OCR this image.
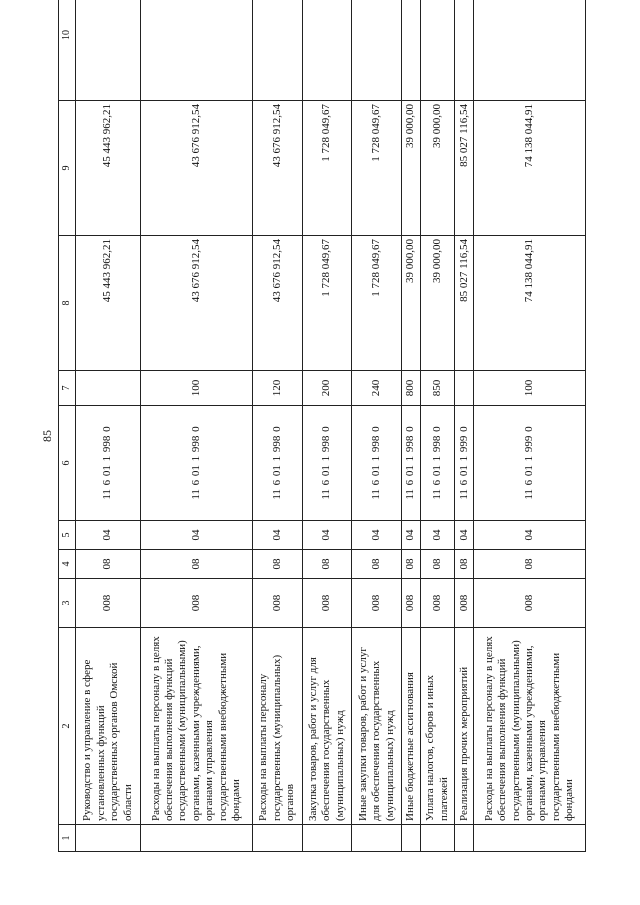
85
1	2	3	4	5	6	7	8	9	10
	Руководство и управление в сфере установленных функций государственных органов Омской области	008	08	04	11 6 01 1 998 0		45 443 962,21	45 443 962,21	
	Расходы на выплаты персоналу в целях обеспечения выполнения функций государственными (муниципальными) органами, казенными учреждениями, органами управления государственными внебюджетными фондами	008	08	04	11 6 01 1 998 0	100	43 676 912,54	43 676 912,54	
	Расходы на выплаты персоналу государственных (муниципальных) органов	008	08	04	11 6 01 1 998 0	120	43 676 912,54	43 676 912,54	
	Закупка товаров, работ и услуг для обеспечения государственных (муниципальных) нужд	008	08	04	11 6 01 1 998 0	200	1 728 049,67	1 728 049,67	
	Иные закупки товаров, работ и услуг для обеспечения государственных (муниципальных) нужд	008	08	04	11 6 01 1 998 0	240	1 728 049,67	1 728 049,67	
	Иные бюджетные ассигнования	008	08	04	11 6 01 1 998 0	800	39 000,00	39 000,00	
	Уплата налогов, сборов и иных платежей	008	08	04	11 6 01 1 998 0	850	39 000,00	39 000,00	
	Реализация прочих мероприятий	008	08	04	11 6 01 1 999 0		85 027 116,54	85 027 116,54	
	Расходы на выплаты персоналу в целях обеспечения выполнения функций государственными (муниципальными) органами, казенными учреждениями, органами управления государственными внебюджетными фондами	008	08	04	11 6 01 1 999 0	100	74 138 044,91	74 138 044,91	
